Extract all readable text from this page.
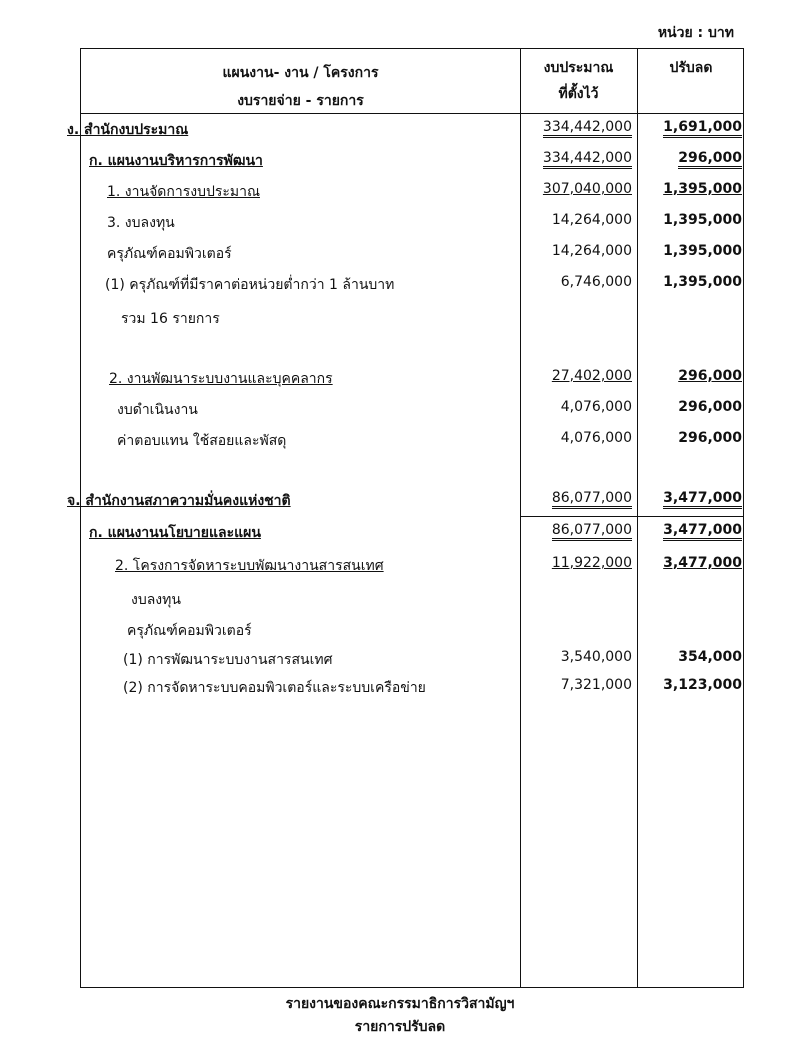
หน่วย : บาท
แผนงาน- งาน / โครงการ
งบรายจ่าย - รายการ
งบประมาณ
ที่ตั้งไว้
ปรับลด
ง. สำนักงบประมาณ	334,442,000	1,691,000
ก. แผนงานบริหารการพัฒนา	334,442,000	296,000
1. งานจัดการงบประมาณ	307,040,000	1,395,000
3. งบลงทุน	14,264,000	1,395,000
ครุภัณฑ์คอมพิวเตอร์	14,264,000	1,395,000
(1) ครุภัณฑ์ที่มีราคาต่อหน่วยต่ำกว่า 1 ล้านบาท	6,746,000	1,395,000
รวม 16 รายการ
2. งานพัฒนาระบบงานและบุคคลากร	27,402,000	296,000
งบดำเนินงาน	4,076,000	296,000
ค่าตอบแทน ใช้สอยและพัสดุ	4,076,000	296,000
จ. สำนักงานสภาความมั่นคงแห่งชาติ	86,077,000	3,477,000
ก. แผนงานนโยบายและแผน	86,077,000	3,477,000
2. โครงการจัดหาระบบพัฒนางานสารสนเทศ	11,922,000	3,477,000
งบลงทุน
ครุภัณฑ์คอมพิวเตอร์
(1) การพัฒนาระบบงานสารสนเทศ	3,540,000	354,000
(2) การจัดหาระบบคอมพิวเตอร์และระบบเครือข่าย	7,321,000	3,123,000
รายงานของคณะกรรมาธิการวิสามัญฯ
รายการปรับลด
